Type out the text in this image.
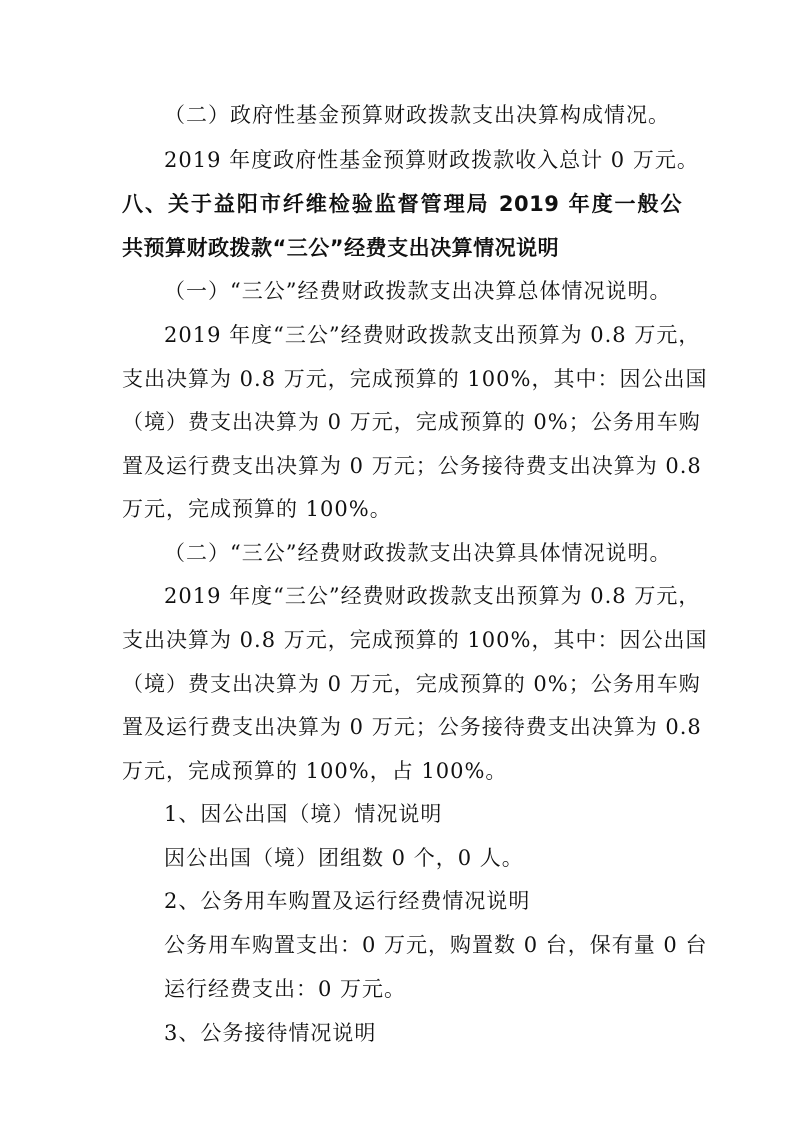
（二）政府性基金预算财政拨款支出决算构成情况。
2019 年度政府性基金预算财政拨款收入总计 0 万元。
八、关于益阳市纤维检验监督管理局 2019 年度一般公
共预算财政拨款“三公”经费支出决算情况说明
（一）“三公”经费财政拨款支出决算总体情况说明。
2019 年度“三公”经费财政拨款支出预算为 0.8 万元，
支出决算为 0.8 万元，完成预算的 100%，其中：因公出国
（境）费支出决算为 0 万元，完成预算的 0%；公务用车购
置及运行费支出决算为 0 万元；公务接待费支出决算为 0.8
万元，完成预算的 100%。
（二）“三公”经费财政拨款支出决算具体情况说明。
2019 年度“三公”经费财政拨款支出预算为 0.8 万元，
支出决算为 0.8 万元，完成预算的 100%，其中：因公出国
（境）费支出决算为 0 万元，完成预算的 0%；公务用车购
置及运行费支出决算为 0 万元；公务接待费支出决算为 0.8
万元，完成预算的 100%，占 100%。
1、因公出国（境）情况说明
因公出国（境）团组数 0 个，0 人。
2、公务用车购置及运行经费情况说明
公务用车购置支出：0 万元，购置数 0 台，保有量 0 台
运行经费支出：0 万元。
3、公务接待情况说明
